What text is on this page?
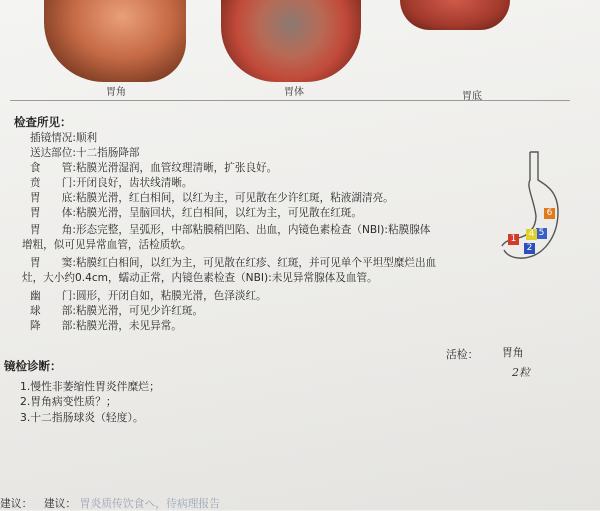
胃角	胃体	胃底
检查所见：
插镜情况:顺利
送达部位:十二指肠降部
食　　管:粘膜光滑湿润，血管纹理清晰，扩张良好。
贲　　门:开闭良好，齿状线清晰。
胃　　底:粘膜光滑，红白相间，以红为主，可见散在少许红斑，粘液湖清亮。
胃　　体:粘膜光滑，呈脑回状，红白相间，以红为主，可见散在红斑。
胃　　角:形态完整，呈弧形，中部粘膜稍凹陷、出血，内镜色素检查（NBI):粘膜腺体
增粗，似可见异常血管，活检质软。
胃　　窦:粘膜红白相间，以红为主，可见散在红疹、红斑，并可见单个平坦型糜烂出血
灶，大小约0.4cm，蠕动正常，内镜色素检查（NBI):未见异常腺体及血管。
幽　　门:圆形，开闭自如，粘膜光滑，色泽淡红。
球　　部:粘膜光滑，可见少许红斑。
降　　部:粘膜光滑，未见异常。
6
5
4
2
1
活检： 胃角
2粒
镜检诊断：
1.慢性非萎缩性胃炎伴糜烂；
2.胃角病变性质？；
3.十二指肠球炎（轻度）。
建议： 建议： 胃炎质传饮食ヘ，待病理报告
